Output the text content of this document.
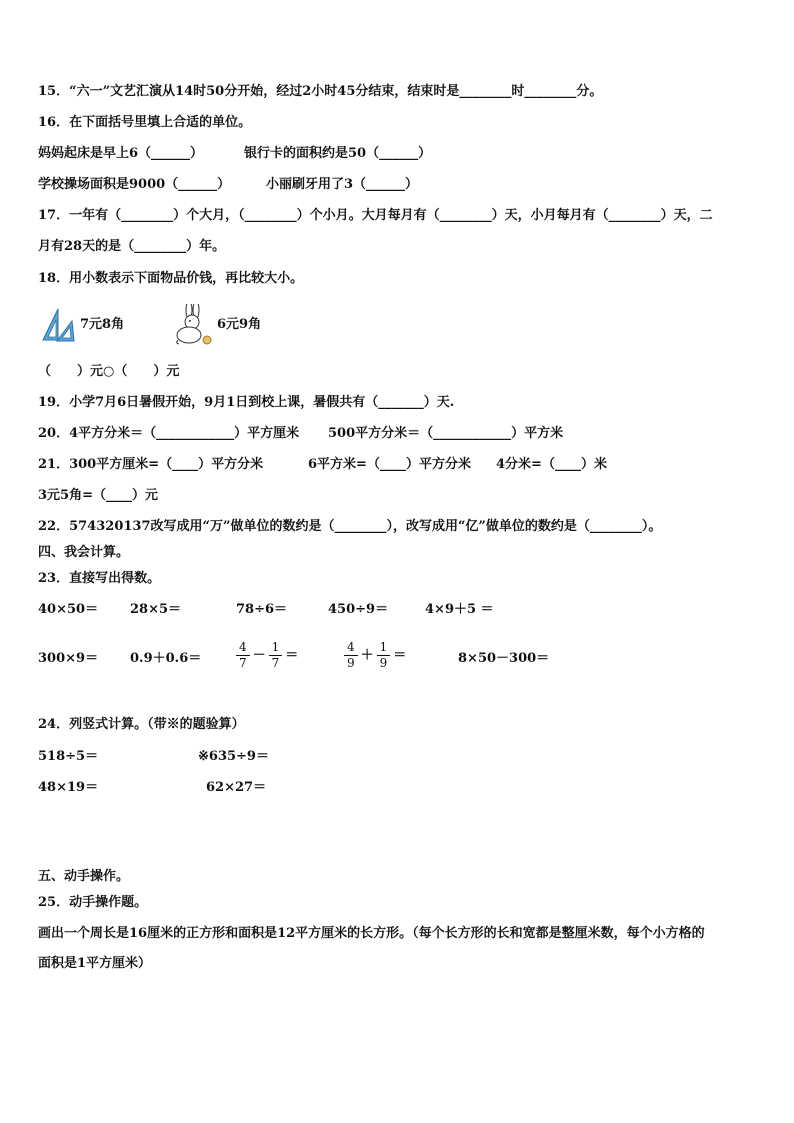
15．“六一”文艺汇演从14时50分开始，经过2小时45分结束，结束时是________时________分。
16．在下面括号里填上合适的单位。
妈妈起床是早上6（______）	银行卡的面积约是50（______）
学校操场面积是9000（______）	小丽刷牙用了3（______）
17．一年有（________）个大月，（________）个小月。大月每月有（________）天，小月每月有（________）天，二
月有28天的是（________）年。
18．用小数表示下面物品价钱，再比较大小。
7元8角	6元9角
（　　）元○（　　）元
19．小学7月6日暑假开始，9月1日到校上课，暑假共有（_______）天.
20．4平方分米＝（____________）平方厘米 500平方分米＝（____________）平方米
21．300平方厘米=（____）平方分米	6平方米=（____）平方分米 4分米=（____）米
3元5角=（____）元
22．574320137改写成用“万”做单位的数约是（________），改写成用“亿”做单位的数约是（________）。
四、我会计算。
23．直接写出得数。
40×50＝ 28×5＝	78÷6＝	450÷9＝	4×9＋5 ＝
300×9＝ 0.9＋0.6＝	$\frac{4}{7} - \frac{1}{7}$ ＝	$\frac{4}{9} + \frac{1}{9}$ ＝	8×50－300＝
24．列竖式计算。（带※的题验算）
518÷5＝	※635÷9＝
48×19＝	62×27＝
五、动手操作。
25．动手操作题。
画出一个周长是16厘米的正方形和面积是12平方厘米的长方形。（每个长方形的长和宽都是整厘米数，每个小方格的
面积是1平方厘米）
